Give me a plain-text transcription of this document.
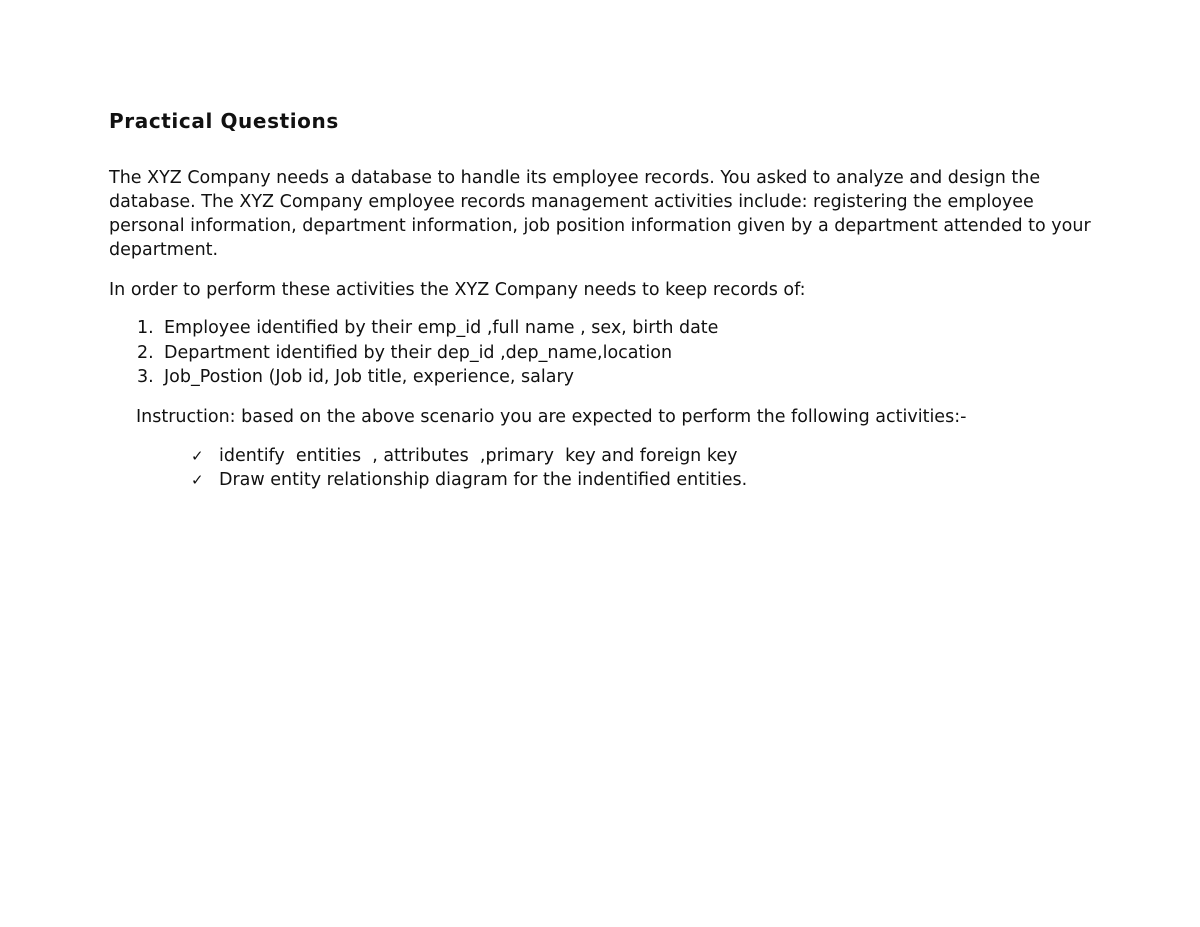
Practical Questions

The XYZ Company needs a database to handle its employee records. You asked to analyze and design the database. The XYZ Company employee records management activities include: registering the employee personal information, department information, job position information given by a department attended to your department.

In order to perform these activities the XYZ Company needs to keep records of:

1. Employee identified by their emp_id ,full name , sex, birth date
2. Department identified by their dep_id ,dep_name,location
3. Job_Postion (Job id, Job title, experience, salary

Instruction: based on the above scenario you are expected to perform the following activities:-

✓ identify  entities  , attributes  ,primary  key and foreign key
✓ Draw entity relationship diagram for the indentified entities.
